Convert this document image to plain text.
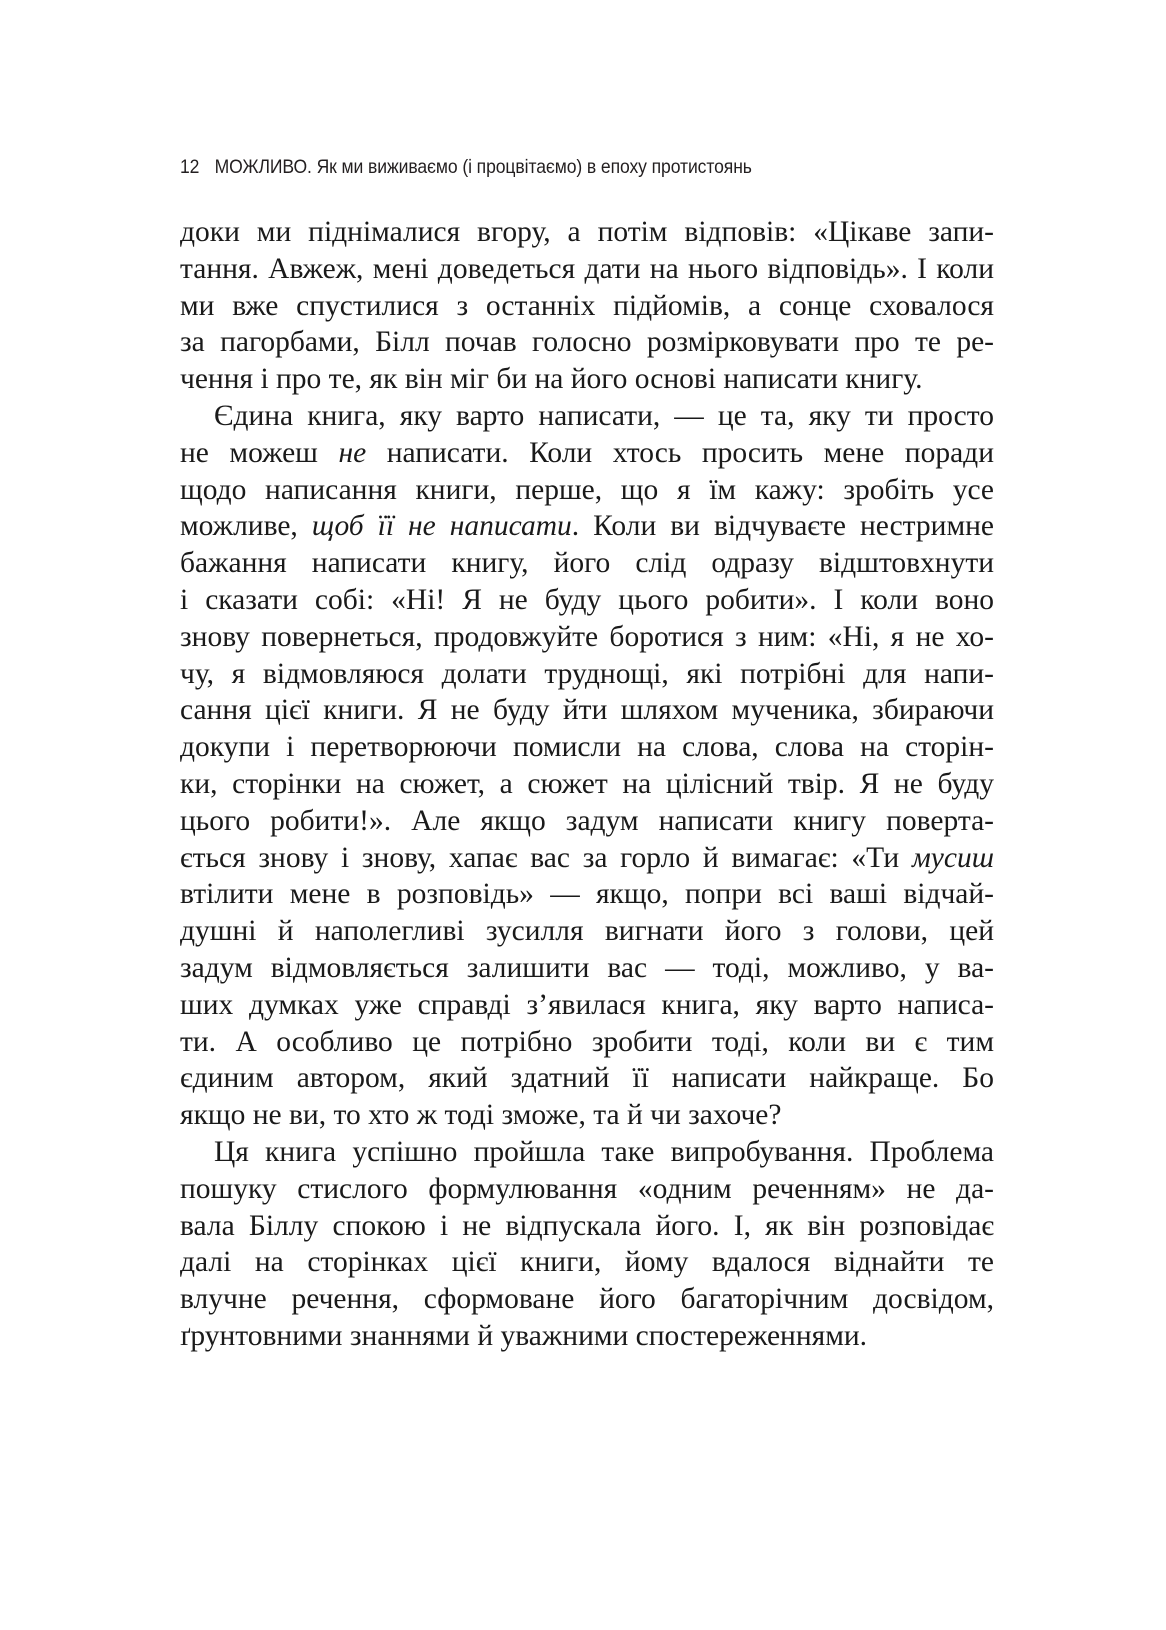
12 МОЖЛИВО. Як ми виживаємо (і процвітаємо) в епоху протистоянь

доки ми піднімалися вгору, а потім відповів: «Цікаве запи-
тання. Авжеж, мені доведеться дати на нього відповідь». І коли
ми вже спустилися з останніх підйомів, а сонце сховалося
за пагорбами, Білл почав голосно розмірковувати про те ре-
чення і про те, як він міг би на його основі написати книгу.

Єдина книга, яку варто написати, — це та, яку ти просто
не можеш не написати. Коли хтось просить мене поради
щодо написання книги, перше, що я їм кажу: зробіть усе
можливе, щоб її не написати. Коли ви відчуваєте нестримне
бажання написати книгу, його слід одразу відштовхнути
і сказати собі: «Ні! Я не буду цього робити». І коли воно
знову повернеться, продовжуйте боротися з ним: «Ні, я не хо-
чу, я відмовляюся долати труднощі, які потрібні для напи-
сання цієї книги. Я не буду йти шляхом мученика, збираючи
докупи і перетворюючи помисли на слова, слова на сторін-
ки, сторінки на сюжет, а сюжет на цілісний твір. Я не буду
цього робити!». Але якщо задум написати книгу поверта-
ється знову і знову, хапає вас за горло й вимагає: «Ти мусиш
втілити мене в розповідь» — якщо, попри всі ваші відчай-
душні й наполегливі зусилля вигнати його з голови, цей
задум відмовляється залишити вас — тоді, можливо, у ва-
ших думках уже справді з’явилася книга, яку варто написа-
ти. А особливо це потрібно зробити тоді, коли ви є тим
єдиним автором, який здатний її написати найкраще. Бо
якщо не ви, то хто ж тоді зможе, та й чи захоче?

Ця книга успішно пройшла таке випробування. Проблема
пошуку стислого формулювання «одним реченням» не да-
вала Біллу спокою і не відпускала його. І, як він розповідає
далі на сторінках цієї книги, йому вдалося віднайти те
влучне речення, сформоване його багаторічним досвідом,
ґрунтовними знаннями й уважними спостереженнями.
